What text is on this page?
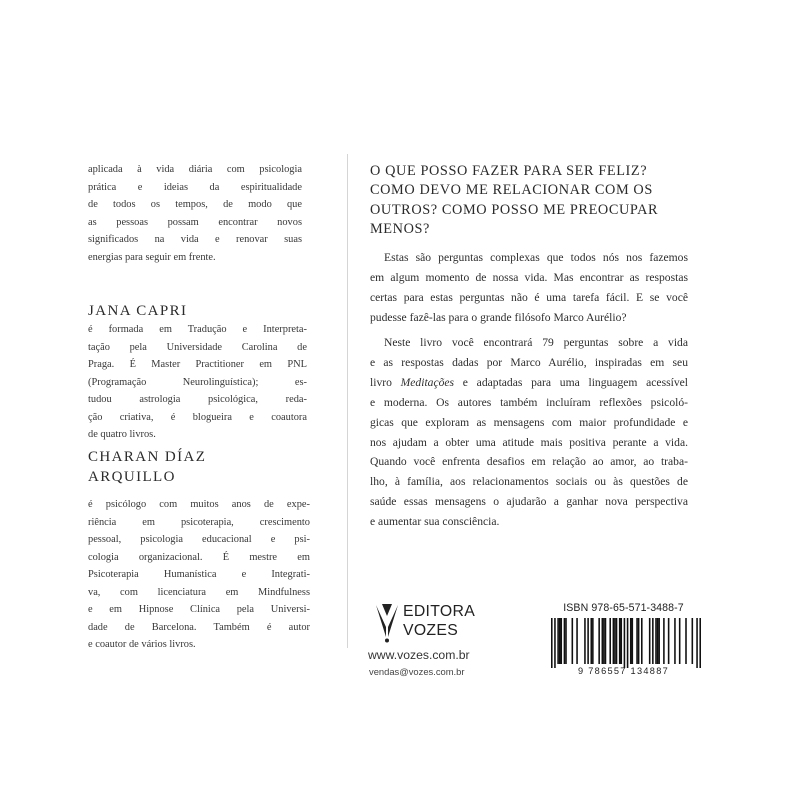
aplicada à vida diária com psicologia
prática e ideias da espiritualidade
de todos os tempos, de modo que
as pessoas possam encontrar novos
significados na vida e renovar suas
energias para seguir em frente.

JANA CAPRI

é formada em Tradução e Interpreta-
tação pela Universidade Carolina de
Praga. É Master Practitioner em PNL
(Programação Neurolinguística); es-
tudou astrologia psicológica, reda-
ção criativa, é blogueira e coautora
de quatro livros.

CHARAN DÍAZ
ARQUILLO

é psicólogo com muitos anos de expe-
riência em psicoterapia, crescimento
pessoal, psicologia educacional e psi-
cologia organizacional. É mestre em
Psicoterapia Humanística e Integrati-
va, com licenciatura em Mindfulness
e em Hipnose Clínica pela Universi-
dade de Barcelona. Também é autor
e coautor de vários livros.

O QUE POSSO FAZER PARA SER FELIZ?
COMO DEVO ME RELACIONAR COM OS
OUTROS? COMO POSSO ME PREOCUPAR
MENOS?

Estas são perguntas complexas que todos nós nos fazemos
em algum momento de nossa vida. Mas encontrar as respostas
certas para estas perguntas não é uma tarefa fácil. E se você
pudesse fazê-las para o grande filósofo Marco Aurélio?

Neste livro você encontrará 79 perguntas sobre a vida
e as respostas dadas por Marco Aurélio, inspiradas em seu
livro Meditações e adaptadas para uma linguagem acessível
e moderna. Os autores também incluíram reflexões psicoló-
gicas que exploram as mensagens com maior profundidade e
nos ajudam a obter uma atitude mais positiva perante a vida.
Quando você enfrenta desafios em relação ao amor, ao traba-
lho, à família, aos relacionamentos sociais ou às questões de
saúde essas mensagens o ajudarão a ganhar nova perspectiva
e aumentar sua consciência.

EDITORA
VOZES

www.vozes.com.br
vendas@vozes.com.br
ISBN 978-65-571-3488-7
9 786557 134887
